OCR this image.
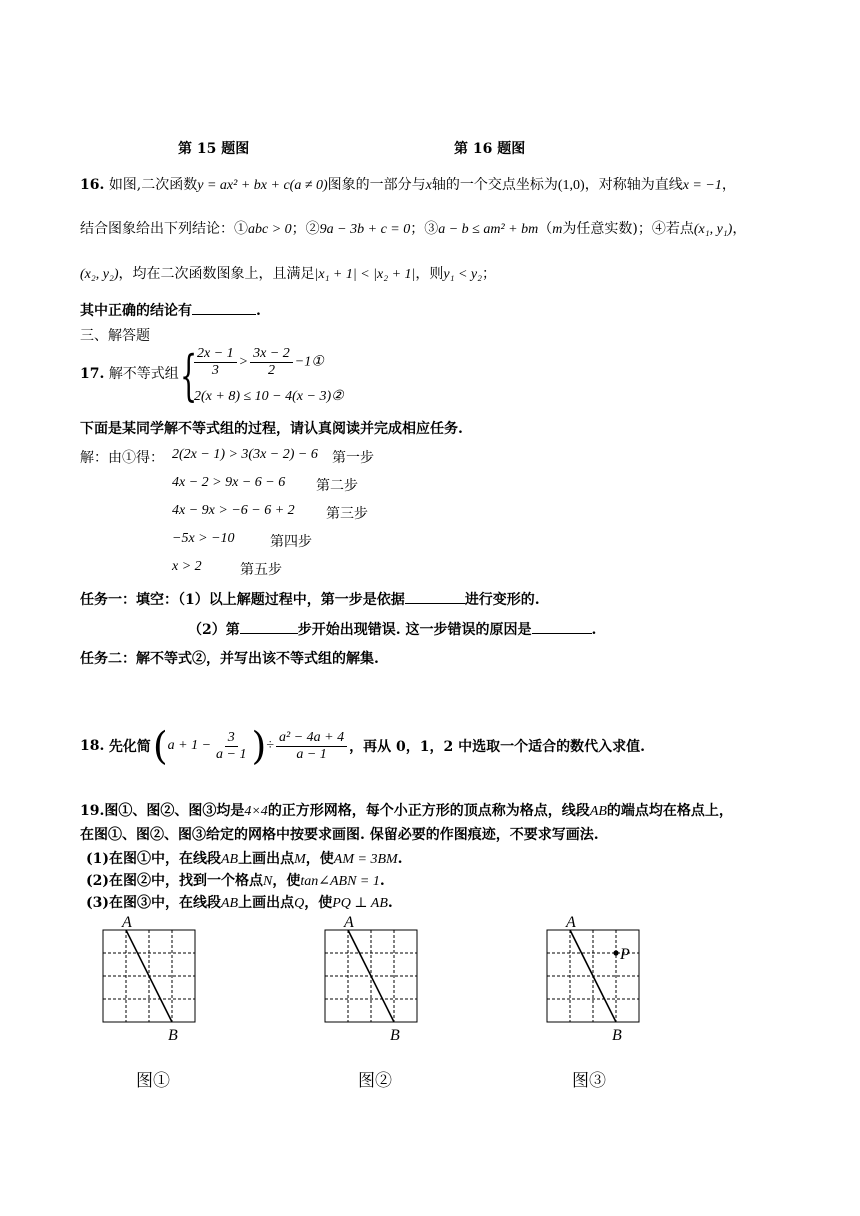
第 15 题图	第 16 题图
16. 如图,二次函数y = ax² + bx + c(a ≠ 0)图象的一部分与x轴的一个交点坐标为(1,0)，对称轴为直线x = −1，
结合图象给出下列结论：①abc > 0；②9a − 3b + c = 0；③a − b ≤ am² + bm（m为任意实数)；④若点(x₁, y₁)，
(x₂, y₂)，均在二次函数图象上，且满足|x₁ + 1| < |x₂ + 1|，则y₁ < y₂；
其中正确的结论有	.
三、解答题
17. 解不等式组 {
$\frac{2x - 1}{3} > \frac{3x - 2}{2}$ −1①
2(x + 8) ≤ 10 − 4(x − 3)②
下面是某同学解不等式组的过程，请认真阅读并完成相应任务.
解：由①得： 2(2x − 1) > 3(3x − 2) − 6 第一步
4x − 2 > 9x − 6 − 6 第二步
4x − 9x > −6 − 6 + 2 第三步
−5x > −10	第四步
x > 2	第五步
任务一：填空：（1）以上解题过程中，第一步是依据	进行变形的.
（2）第	步开始出现错误. 这一步错误的原因是	.
任务二：解不等式②，并写出该不等式组的解集.
18.
先化简 ( $a + 1 - \frac{3}{a - 1}$ ) ÷ $\frac{\text{a² − 4a + 4}}{a - 1}$ ，再从 0，1，2 中选取一个适合的数代入求值.
19.图①、图②、图③均是4×4的正方形网格，每个小正方形的顶点称为格点，线段AB的端点均在格点上，
在图①、图②、图③给定的网格中按要求画图. 保留必要的作图痕迹，不要求写画法.
(1)在图①中，在线段AB上画出点M，使AM = 3BM.
(2)在图②中，找到一个格点N，使tan∠ABN = 1.
(3)在图③中，在线段AB上画出点Q，使PQ ⊥ AB.
A
B
图①
A
B
图②
A
B
P
图③
